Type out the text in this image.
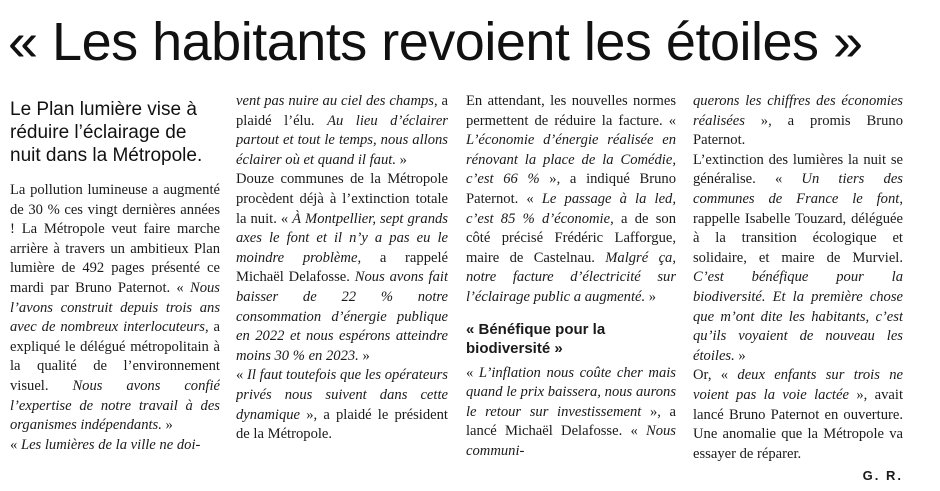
« Les habitants revoient les étoiles »

Le Plan lumière vise à réduire l’éclairage de nuit dans la Métropole.

La pollution lumineuse a augmenté de 30 % ces vingt dernières années ! La Métropole veut faire marche arrière à travers un ambitieux Plan lumière de 492 pages présenté ce mardi par Bruno Paternot. « Nous l’avons construit depuis trois ans avec de nombreux interlocuteurs, a expliqué le délégué métropolitain à la qualité de l’environnement visuel. Nous avons confié l’expertise de notre travail à des organismes indépendants. »

« Les lumières de la ville ne doi-

vent pas nuire au ciel des champs, a plaidé l’élu. Au lieu d’éclairer partout et tout le temps, nous allons éclairer où et quand il faut. »

Douze communes de la Métropole procèdent déjà à l’extinction totale la nuit. « À Montpellier, sept grands axes le font et il n’y a pas eu le moindre problème, a rappelé Michaël Delafosse. Nous avons fait baisser de 22 % notre consommation d’énergie publique en 2022 et nous espérons atteindre moins 30 % en 2023. »

« Il faut toutefois que les opérateurs privés nous suivent dans cette dynamique », a plaidé le président de la Métropole.

En attendant, les nouvelles normes permettent de réduire la facture. « L’économie d’énergie réalisée en rénovant la place de la Comédie, c’est 66 % », a indiqué Bruno Paternot. « Le passage à la led, c’est 85 % d’économie, a de son côté précisé Frédéric Lafforgue, maire de Castelnau. Malgré ça, notre facture d’électricité sur l’éclairage public a augmenté. »

« Bénéfique pour la biodiversité »

« L’inflation nous coûte cher mais quand le prix baissera, nous aurons le retour sur investissement », a lancé Michaël Delafosse. « Nous communi-

querons les chiffres des économies réalisées », a promis Bruno Paternot.

L’extinction des lumières la nuit se généralise. « Un tiers des communes de France le font, rappelle Isabelle Touzard, déléguée à la transition écologique et solidaire, et maire de Murviel. C’est bénéfique pour la biodiversité. Et la première chose que m’ont dite les habitants, c’est qu’ils voyaient de nouveau les étoiles. »

Or, « deux enfants sur trois ne voient pas la voie lactée », avait lancé Bruno Paternot en ouverture. Une anomalie que la Métropole va essayer de réparer.

G. R.
